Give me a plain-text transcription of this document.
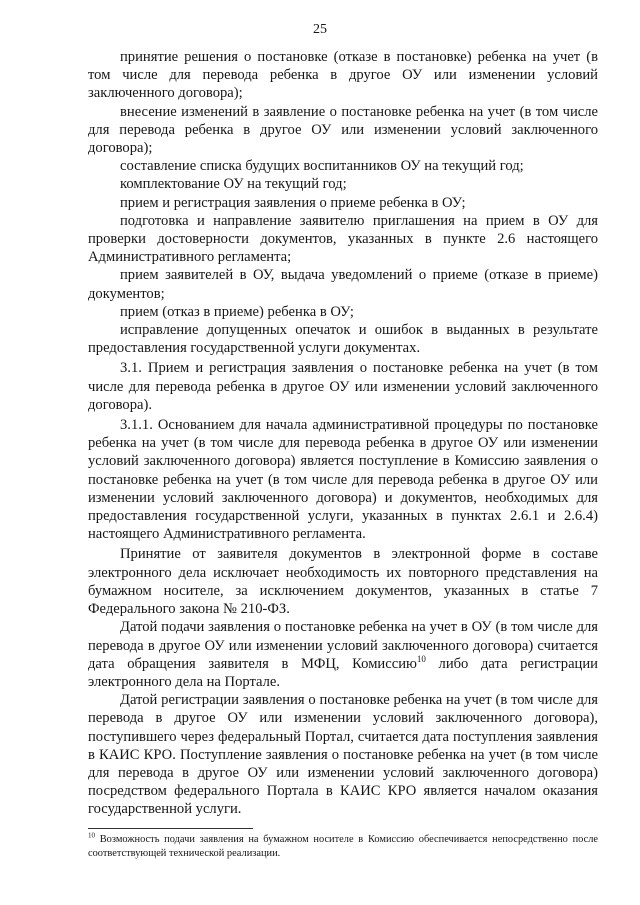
25

принятие решения о постановке (отказе в постановке) ребенка на учет (в том числе для перевода ребенка в другое ОУ или изменении условий заключенного договора);

внесение изменений в заявление о постановке ребенка на учет (в том числе для перевода ребенка в другое ОУ или изменении условий заключенного договора);

составление списка будущих воспитанников ОУ на текущий год;

комплектование ОУ на текущий год;

прием и регистрация заявления о приеме ребенка в ОУ;

подготовка и направление заявителю приглашения на прием в ОУ для проверки достоверности документов, указанных в пункте 2.6 настоящего Административного регламента;

прием заявителей в ОУ, выдача уведомлений о приеме (отказе в приеме) документов;

прием (отказ в приеме) ребенка в ОУ;

исправление допущенных опечаток и ошибок в выданных в результате предоставления государственной услуги документах.

3.1. Прием и регистрация заявления о постановке ребенка на учет (в том числе для перевода ребенка в другое ОУ или изменении условий заключенного договора).

3.1.1. Основанием для начала административной процедуры по постановке ребенка на учет (в том числе для перевода ребенка в другое ОУ или изменении условий заключенного договора) является поступление в Комиссию заявления о постановке ребенка на учет (в том числе для перевода ребенка в другое ОУ или изменении условий заключенного договора) и документов, необходимых для предоставления государственной услуги, указанных в пунктах 2.6.1 и 2.6.4) настоящего Административного регламента.

Принятие от заявителя документов в электронной форме в составе электронного дела исключает необходимость их повторного представления на бумажном носителе, за исключением документов, указанных в статье 7 Федерального закона № 210-ФЗ.

Датой подачи заявления о постановке ребенка на учет в ОУ (в том числе для перевода в другое ОУ или изменении условий заключенного договора) считается дата обращения заявителя в МФЦ, Комиссию$^{10}$ либо дата регистрации электронного дела на Портале.

Датой регистрации заявления о постановке ребенка на учет (в том числе для перевода в другое ОУ или изменении условий заключенного договора), поступившего через федеральный Портал, считается дата поступления заявления в КАИС КРО. Поступление заявления о постановке ребенка на учет (в том числе для перевода в другое ОУ или изменении условий заключенного договора) посредством федерального Портала в КАИС КРО является началом оказания государственной услуги.

$^{10}$ Возможность подачи заявления на бумажном носителе в Комиссию обеспечивается непосредственно после соответствующей технической реализации.
